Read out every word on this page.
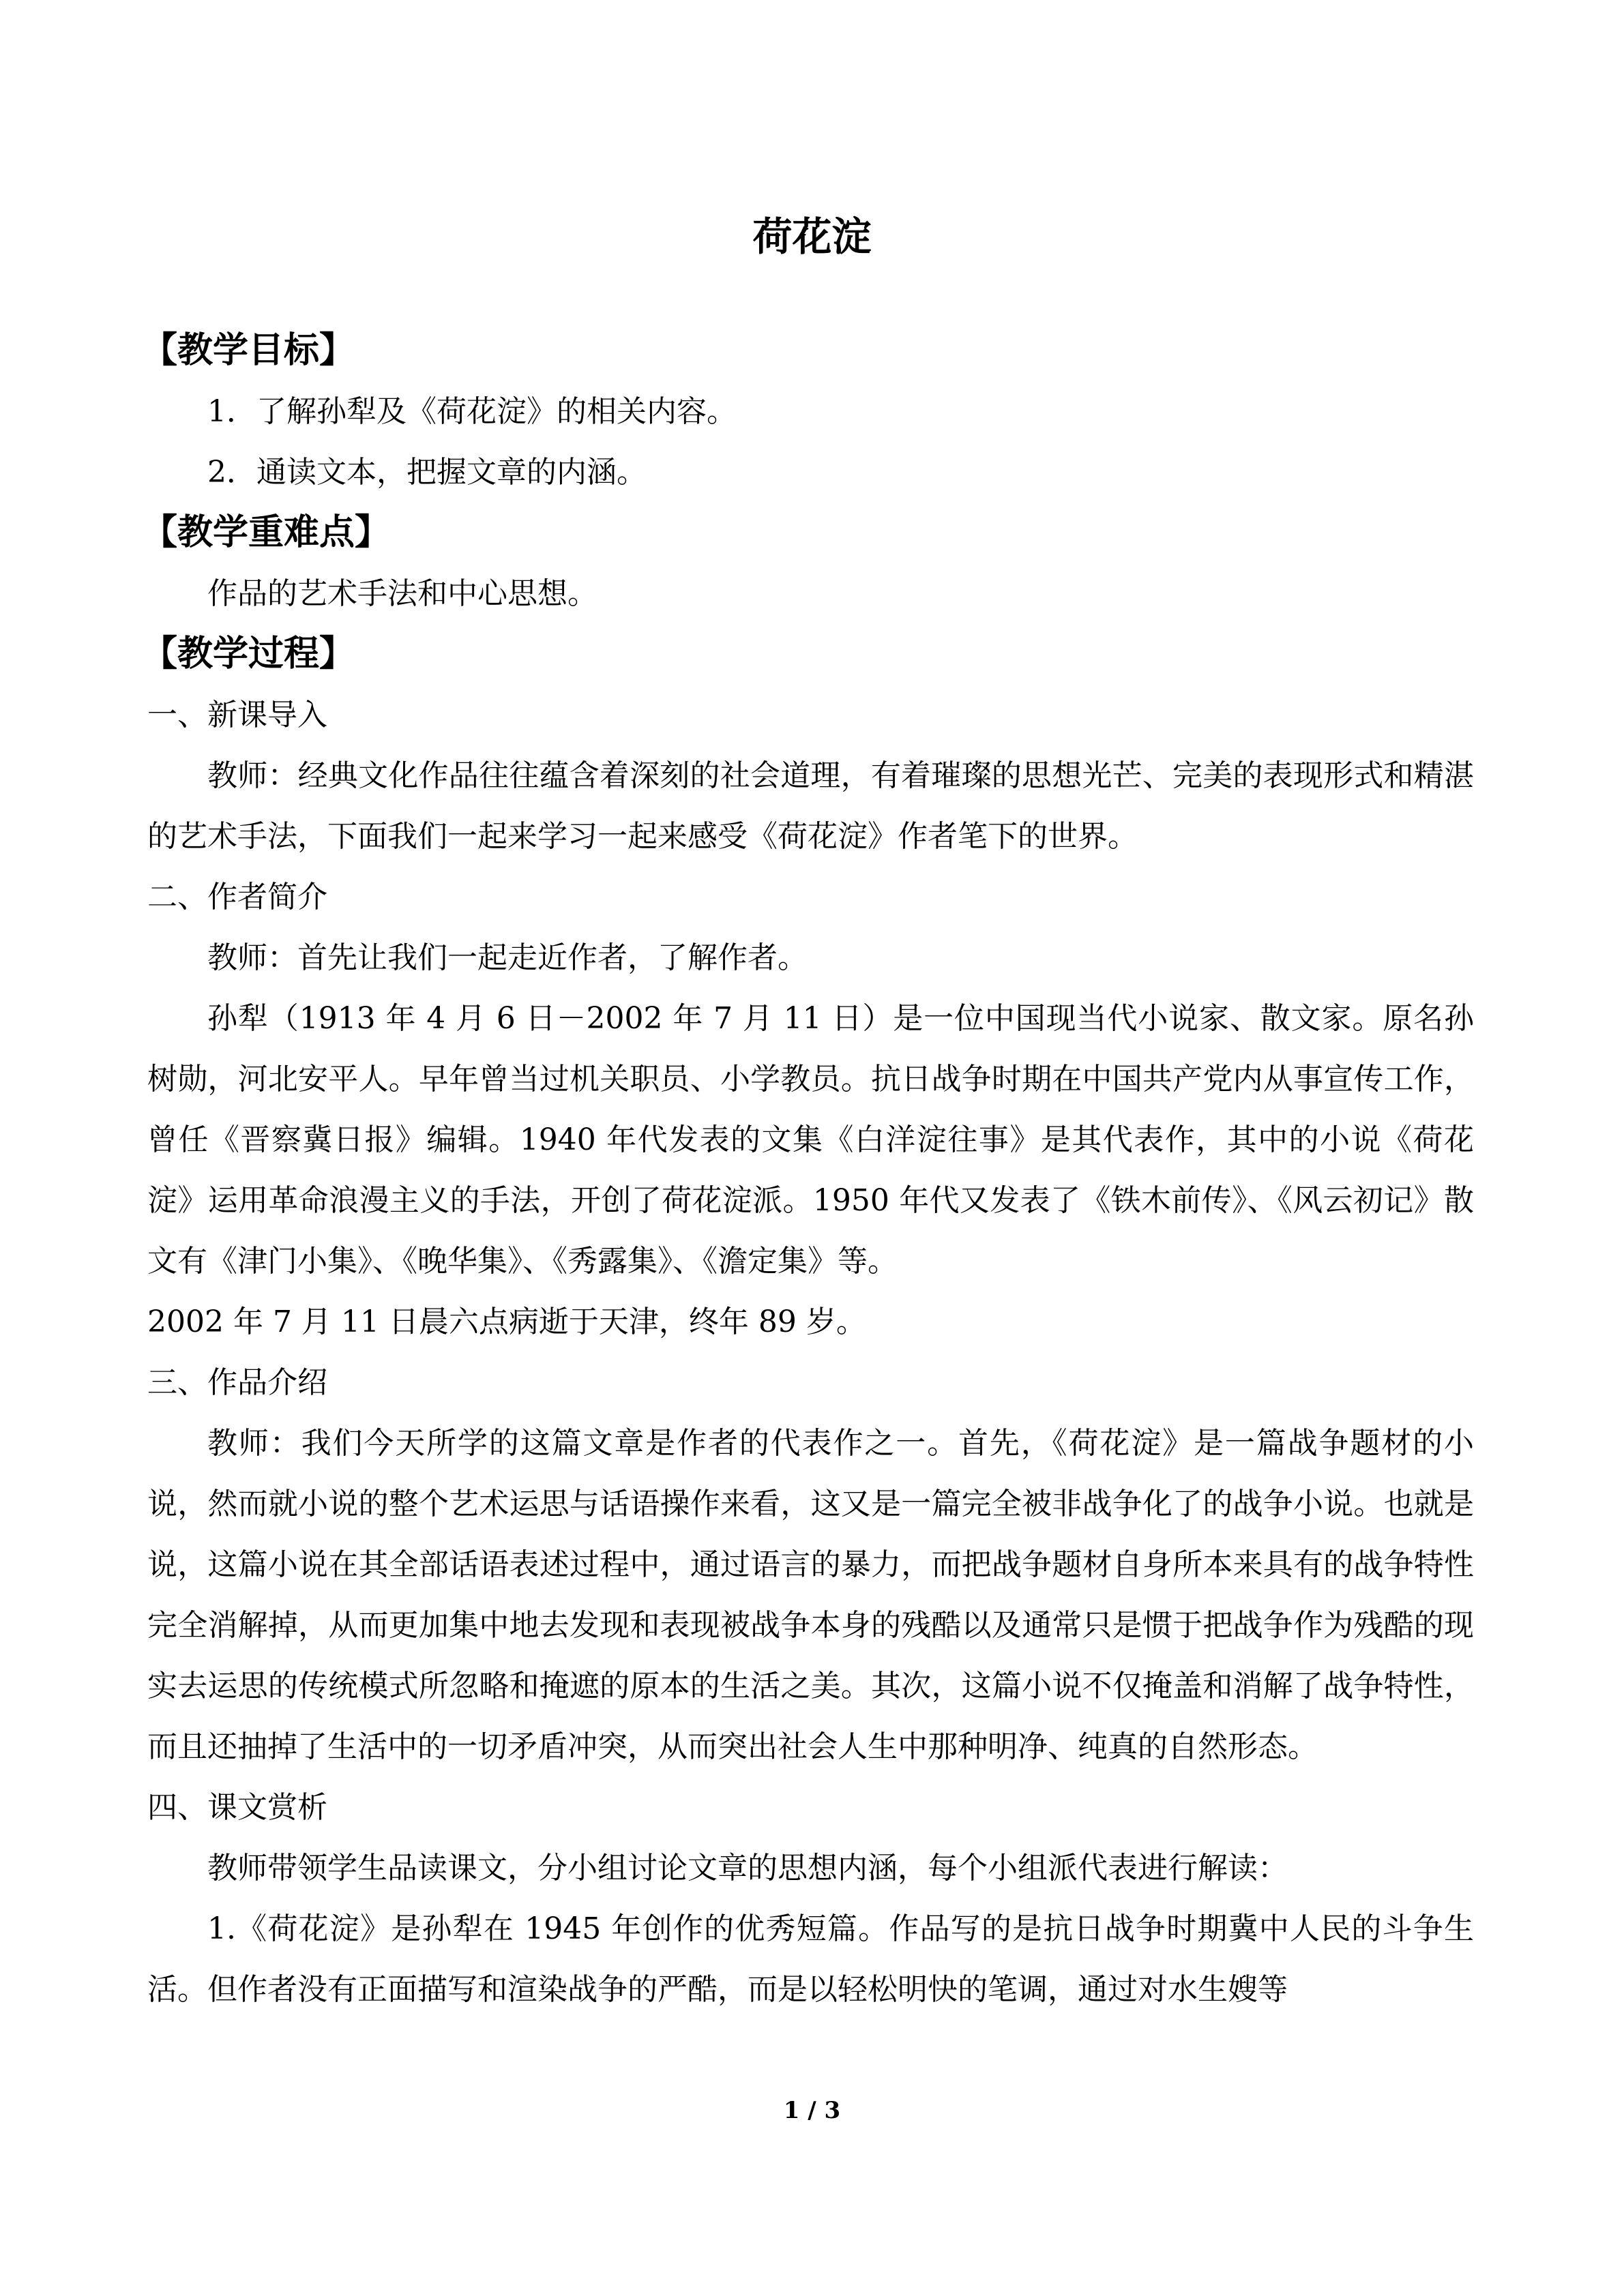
荷花淀

【教学目标】

1．了解孙犁及《荷花淀》的相关内容。

2．通读文本，把握文章的内涵。

【教学重难点】

作品的艺术手法和中心思想。

【教学过程】

一、新课导入

教师：经典文化作品往往蕴含着深刻的社会道理，有着璀璨的思想光芒、完美的表现形式和精湛的艺术手法，下面我们一起来学习一起来感受《荷花淀》作者笔下的世界。

二、作者简介

教师：首先让我们一起走近作者，了解作者。

孙犁（1913 年 4 月 6 日－2002 年 7 月 11 日）是一位中国现当代小说家、散文家。原名孙树勋，河北安平人。早年曾当过机关职员、小学教员。抗日战争时期在中国共产党内从事宣传工作，曾任《晋察冀日报》编辑。1940 年代发表的文集《白洋淀往事》是其代表作，其中的小说《荷花淀》运用革命浪漫主义的手法，开创了荷花淀派。1950 年代又发表了《铁木前传》、《风云初记》散文有《津门小集》、《晚华集》、《秀露集》、《澹定集》等。

2002 年 7 月 11 日晨六点病逝于天津，终年 89 岁。

三、作品介绍

教师：我们今天所学的这篇文章是作者的代表作之一。首先，《荷花淀》是一篇战争题材的小说，然而就小说的整个艺术运思与话语操作来看，这又是一篇完全被非战争化了的战争小说。也就是说，这篇小说在其全部话语表述过程中，通过语言的暴力，而把战争题材自身所本来具有的战争特性完全消解掉，从而更加集中地去发现和表现被战争本身的残酷以及通常只是惯于把战争作为残酷的现实去运思的传统模式所忽略和掩遮的原本的生活之美。其次，这篇小说不仅掩盖和消解了战争特性，而且还抽掉了生活中的一切矛盾冲突，从而突出社会人生中那种明净、纯真的自然形态。

四、课文赏析

教师带领学生品读课文，分小组讨论文章的思想内涵，每个小组派代表进行解读：

1.《荷花淀》是孙犁在 1945 年创作的优秀短篇。作品写的是抗日战争时期冀中人民的斗争生活。但作者没有正面描写和渲染战争的严酷，而是以轻松明快的笔调，通过对水生嫂等

1 / 3
